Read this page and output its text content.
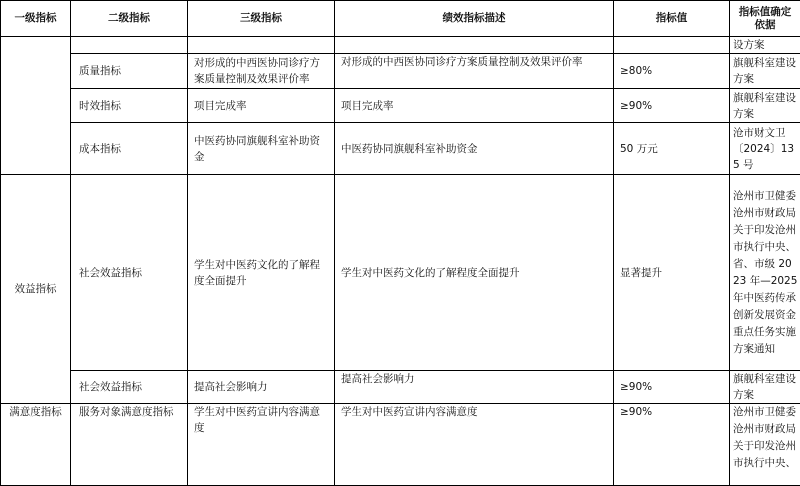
一级指标	二级指标	三级指标	绩效指标描述	指标值	指标值确定依据
					设方案
	质量指标	对形成的中西医协同诊疗方案质量控制及效果评价率	对形成的中西医协同诊疗方案质量控制及效果评价率	≥80%	旗舰科室建设方案
	时效指标	项目完成率	项目完成率	≥90%	旗舰科室建设方案
	成本指标	中医药协同旗舰科室补助资金	中医药协同旗舰科室补助资金	50 万元	沧市财文卫〔2024〕135 号
效益指标	社会效益指标	学生对中医药文化的了解程度全面提升	学生对中医药文化的了解程度全面提升	显著提升	沧州市卫健委沧州市财政局关于印发沧州市执行中央、省、市级 2023 年—2025 年中医药传承创新发展资金重点任务实施方案通知
	社会效益指标	提高社会影响力	提高社会影响力	≥90%	旗舰科室建设方案
满意度指标	服务对象满意度指标	学生对中医药宣讲内容满意度	学生对中医药宣讲内容满意度	≥90%	沧州市卫健委沧州市财政局关于印发沧州市执行中央、
